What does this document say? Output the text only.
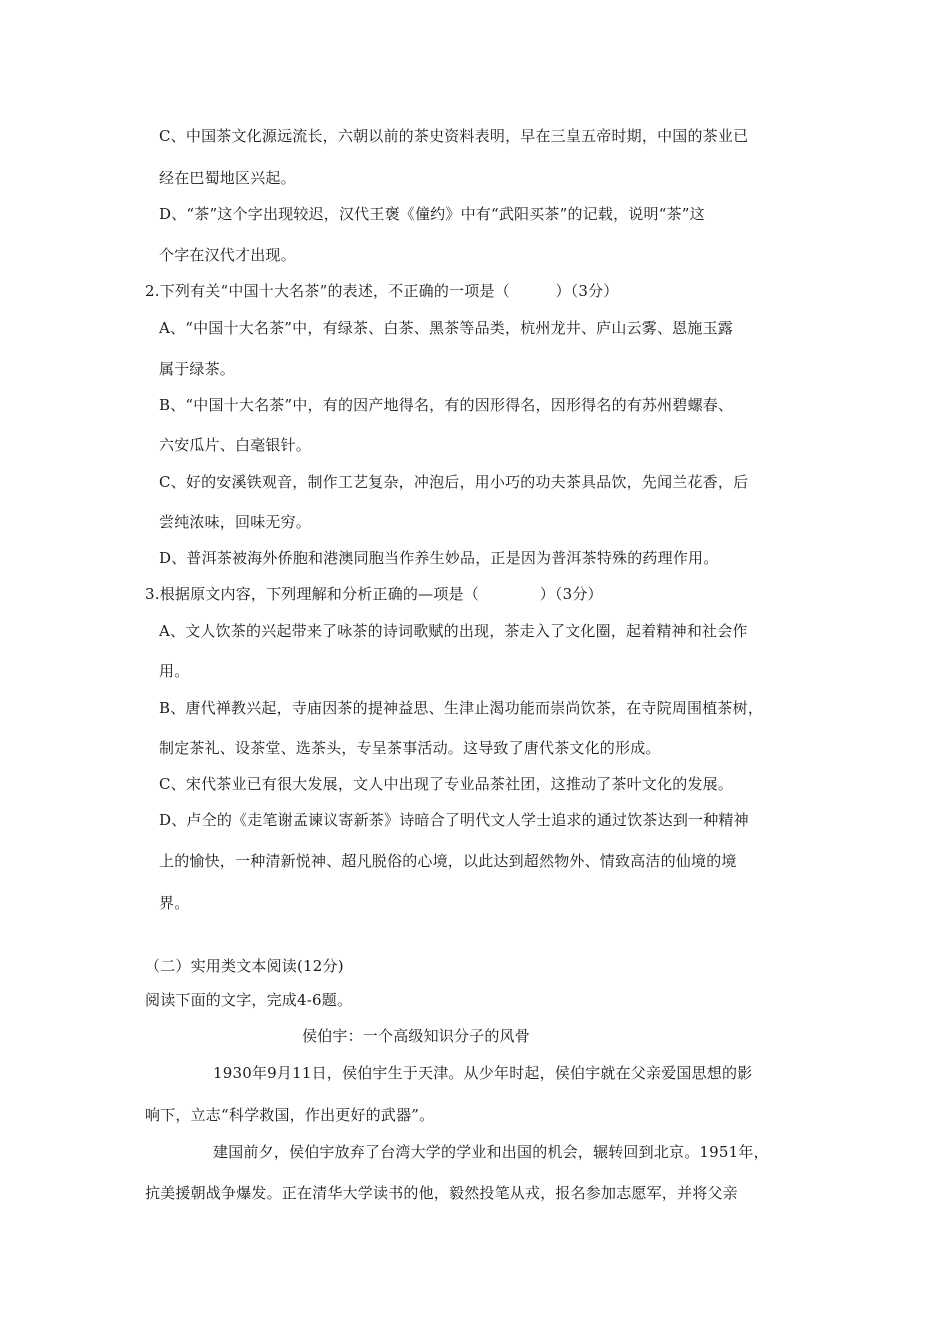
C、中国茶文化源远流长，六朝以前的茶史资料表明，早在三皇五帝时期，中国的茶业已
经在巴蜀地区兴起。
D、“茶”这个字出现较迟，汉代王褒《僮约》中有“武阳买茶”的记载，说明“茶”这
个字在汉代才出现。
2.下列有关“中国十大名茶”的表述，不正确的一项是（　　　）（3分）
A、“中国十大名茶”中，有绿茶、白茶、黑茶等品类，杭州龙井、庐山云雾、恩施玉露
属于绿茶。
B、“中国十大名茶”中，有的因产地得名，有的因形得名，因形得名的有苏州碧螺春、
六安瓜片、白毫银针。
C、好的安溪铁观音，制作工艺复杂，冲泡后，用小巧的功夫茶具品饮，先闻兰花香，后
尝纯浓味，回味无穷。
D、普洱茶被海外侨胞和港澳同胞当作养生妙品，正是因为普洱茶特殊的药理作用。
3.根据原文内容，下列理解和分析正确的—项是（　　　　）（3分）
A、文人饮茶的兴起带来了咏茶的诗词歌赋的出现，茶走入了文化圈，起着精神和社会作
用。
B、唐代禅教兴起，寺庙因茶的提神益思、生津止渴功能而崇尚饮茶，在寺院周围植茶树，
制定茶礼、设茶堂、选茶头，专呈茶事活动。这导致了唐代茶文化的形成。
C、宋代茶业已有很大发展，文人中出现了专业品茶社团，这推动了茶叶文化的发展。
D、卢仝的《走笔谢孟谏议寄新茶》诗暗合了明代文人学士追求的通过饮茶达到一种精神
上的愉快，一种清新悦神、超凡脱俗的心境，以此达到超然物外、情致高洁的仙境的境
界。
（二）实用类文本阅读(12分)
阅读下面的文字，完成4-6题。
侯伯宇：一个高级知识分子的风骨
1930年9月11日，侯伯宇生于天津。从少年时起，侯伯宇就在父亲爱国思想的影
响下，立志“科学救国，作出更好的武器”。
建国前夕，侯伯宇放弃了台湾大学的学业和出国的机会，辗转回到北京。1951年，
抗美援朝战争爆发。正在清华大学读书的他，毅然投笔从戎，报名参加志愿军，并将父亲
